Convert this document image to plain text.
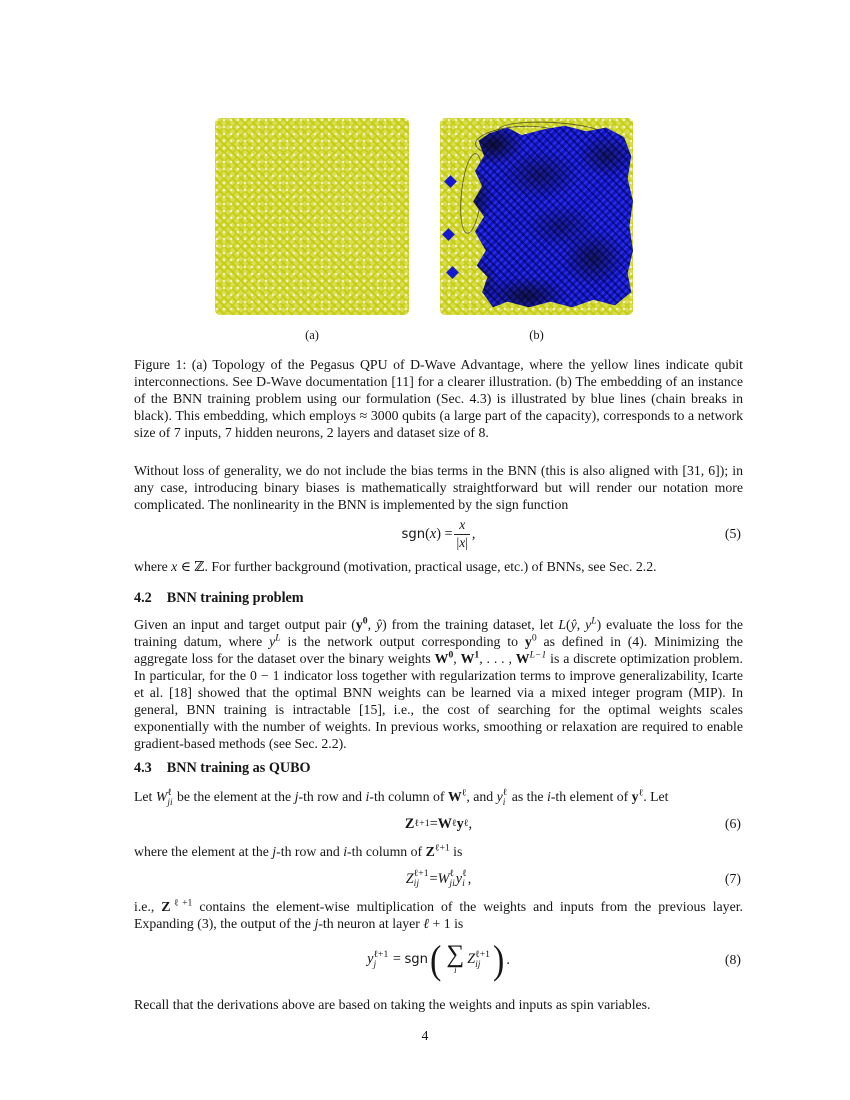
(a)	(b)
Figure 1: (a) Topology of the Pegasus QPU of D-Wave Advantage, where the yellow lines indicate qubit interconnections. See D-Wave documentation [11] for a clearer illustration. (b) The embedding of an instance of the BNN training problem using our formulation (Sec. 4.3) is illustrated by blue lines (chain breaks in black). This embedding, which employs ≈ 3000 qubits (a large part of the capacity), corresponds to a network size of 7 inputs, 7 hidden neurons, 2 layers and dataset size of 8.
Without loss of generality, we do not include the bias terms in the BNN (this is also aligned with [31, 6]); in any case, introducing binary biases is mathematically straightforward but will render our notation more complicated. The nonlinearity in the BNN is implemented by the sign function
$sgn(x) = \frac{x}{|x|}$ ,	(5)
where x ∈ ℤ. For further background (motivation, practical usage, etc.) of BNNs, see Sec. 2.2.
4.2 BNN training problem
Given an input and target output pair ($y^0$, ŷ) from the training dataset, let L(ŷ, $y^L$) evaluate the loss for the training datum, where $y^L$ is the network output corresponding to $y^0$ as defined in (4). Minimizing the aggregate loss for the dataset over the binary weights $W^0$, $W^1$, . . . , $W^{L-1}$ is a discrete optimization problem. In particular, for the 0 − 1 indicator loss together with regularization terms to improve generalizability, Icarte et al. [18] showed that the optimal BNN weights can be learned via a mixed integer program (MIP). In general, BNN training is intractable [15], i.e., the cost of searching for the optimal weights scales exponentially with the number of weights. In previous works, smoothing or relaxation are required to enable gradient-based methods (see Sec. 2.2).
4.3 BNN training as QUBO
Let W ℓ
ji be the element at the j-th row and i-th column of $W^\ell$, and y ℓ
i as the i-th element of $y^\ell$. Let
Z ℓ+1 = W ℓ y ℓ ,	(6)
where the element at the j-th row and i-th column of $Z^{\ell+1}$ is
Z ℓ+1
ij = W ℓ
ji y ℓ
i ,	(7)
i.e., $Z^{\ell+1}$ contains the element-wise multiplication of the weights and inputs from the previous layer. Expanding (3), the output of the j-th neuron at layer ℓ + 1 is
y ℓ+1
j = sgn ( ∑
i
Z ℓ+1
ij ) .	(8)
Recall that the derivations above are based on taking the weights and inputs as spin variables.
4
